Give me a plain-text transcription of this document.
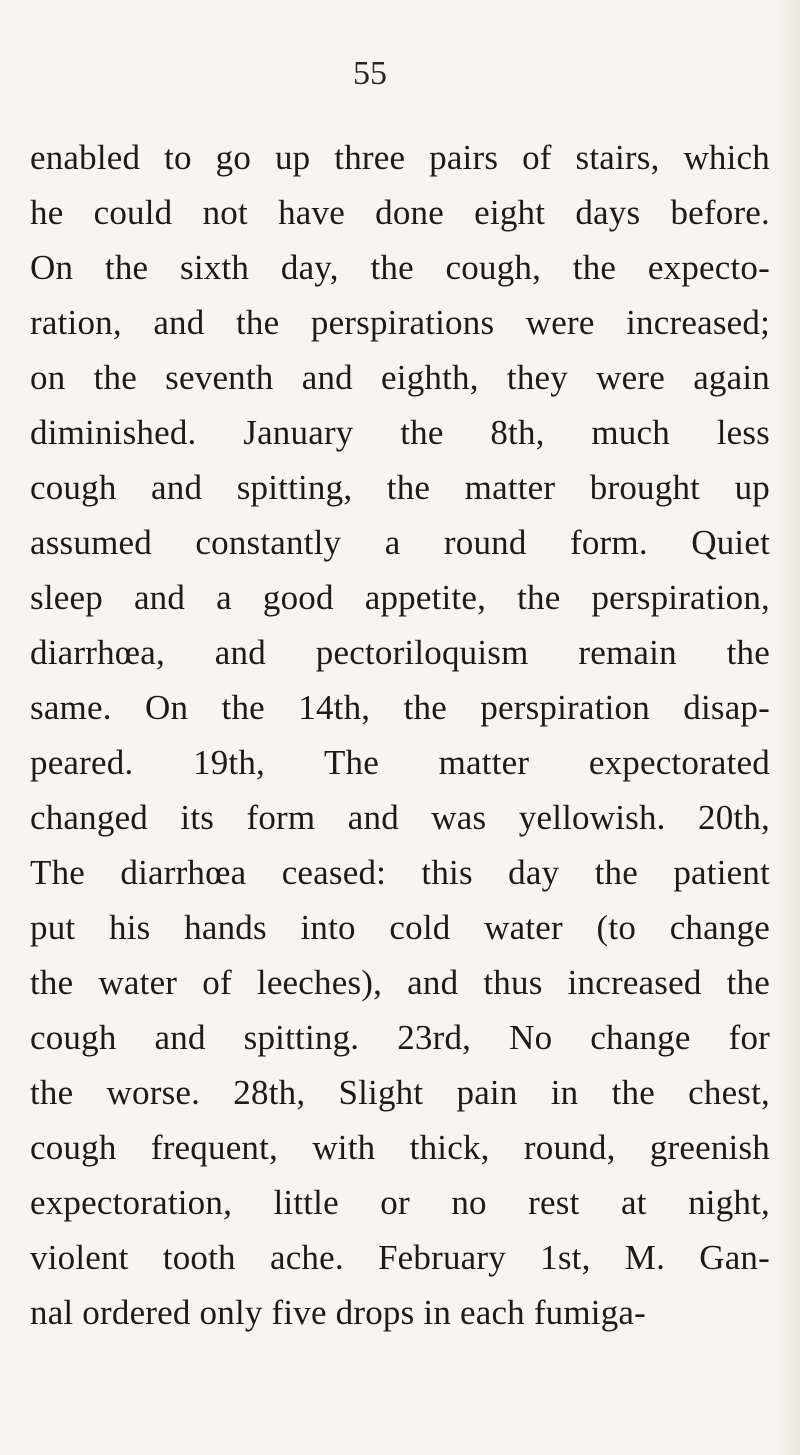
55
enabled to go up three pairs of stairs, which
he could not have done eight days before.
On the sixth day, the cough, the expecto-
ration, and the perspirations were increased;
on the seventh and eighth, they were again
diminished. January the 8th, much less
cough and spitting, the matter brought up
assumed constantly a round form. Quiet
sleep and a good appetite, the perspiration,
diarrhœa, and pectoriloquism remain the
same. On the 14th, the perspiration disap-
peared. 19th, The matter expectorated
changed its form and was yellowish. 20th,
The diarrhœa ceased: this day the patient
put his hands into cold water (to change
the water of leeches), and thus increased the
cough and spitting. 23rd, No change for
the worse. 28th, Slight pain in the chest,
cough frequent, with thick, round, greenish
expectoration, little or no rest at night,
violent tooth ache. February 1st, M. Gan-
nal ordered only five drops in each fumiga-
